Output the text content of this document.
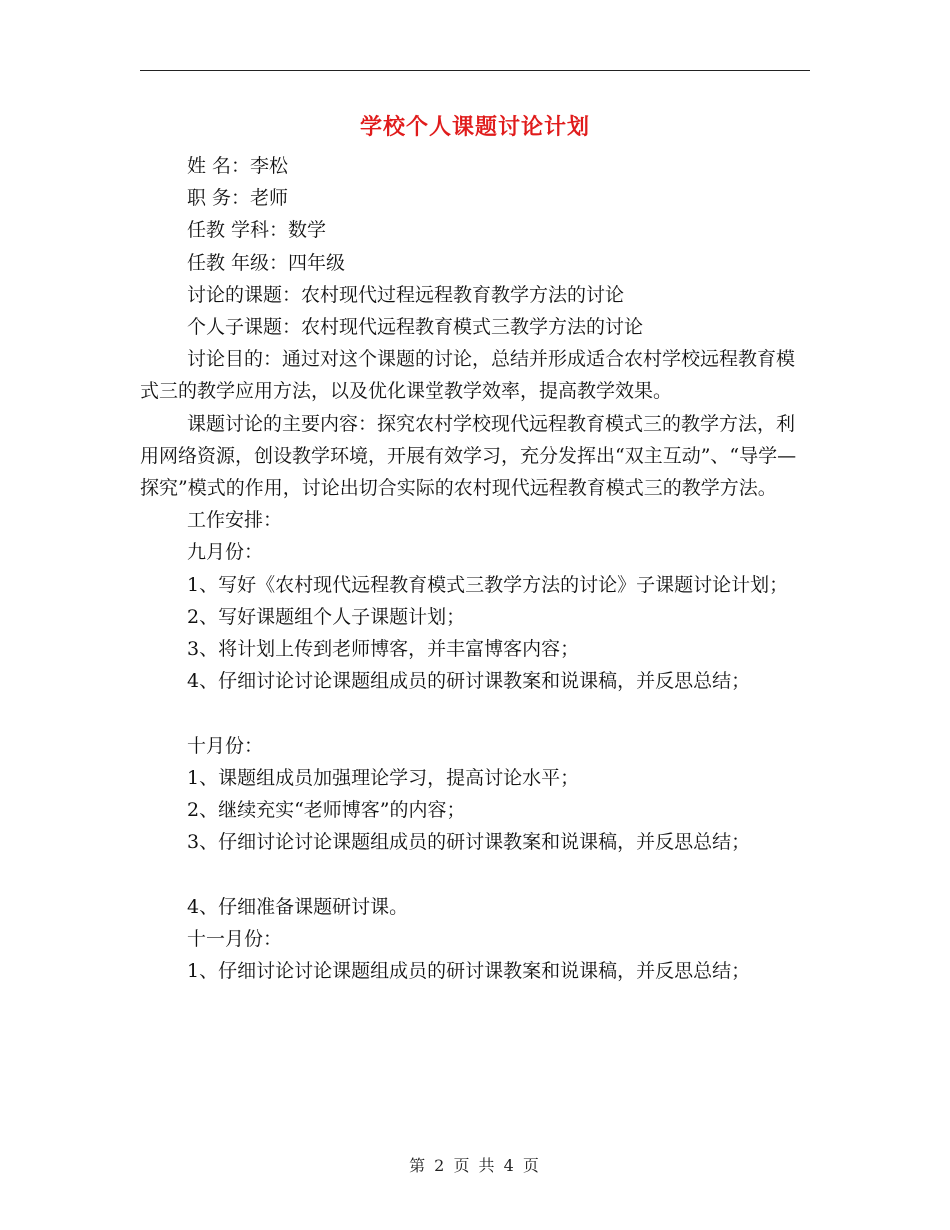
学校个人课题讨论计划

姓 名：李松

职 务：老师

任教 学科：数学

任教 年级：四年级

讨论的课题：农村现代过程远程教育教学方法的讨论

个人子课题：农村现代远程教育模式三教学方法的讨论

讨论目的：通过对这个课题的讨论，总结并形成适合农村学校远程教育模式三的教学应用方法，以及优化课堂教学效率，提高教学效果。

课题讨论的主要内容：探究农村学校现代远程教育模式三的教学方法，利用网络资源，创设教学环境，开展有效学习，充分发挥出“双主互动”、“导学—探究”模式的作用，讨论出切合实际的农村现代远程教育模式三的教学方法。

工作安排：

九月份：

1、写好《农村现代远程教育模式三教学方法的讨论》子课题讨论计划；

2、写好课题组个人子课题计划；

3、将计划上传到老师博客，并丰富博客内容；

4、仔细讨论讨论课题组成员的研讨课教案和说课稿，并反思总结；

十月份：

1、课题组成员加强理论学习，提高讨论水平；

2、继续充实“老师博客”的内容；

3、仔细讨论讨论课题组成员的研讨课教案和说课稿，并反思总结；

4、仔细准备课题研讨课。

十一月份：

1、仔细讨论讨论课题组成员的研讨课教案和说课稿，并反思总结；

第 2 页 共 4 页
